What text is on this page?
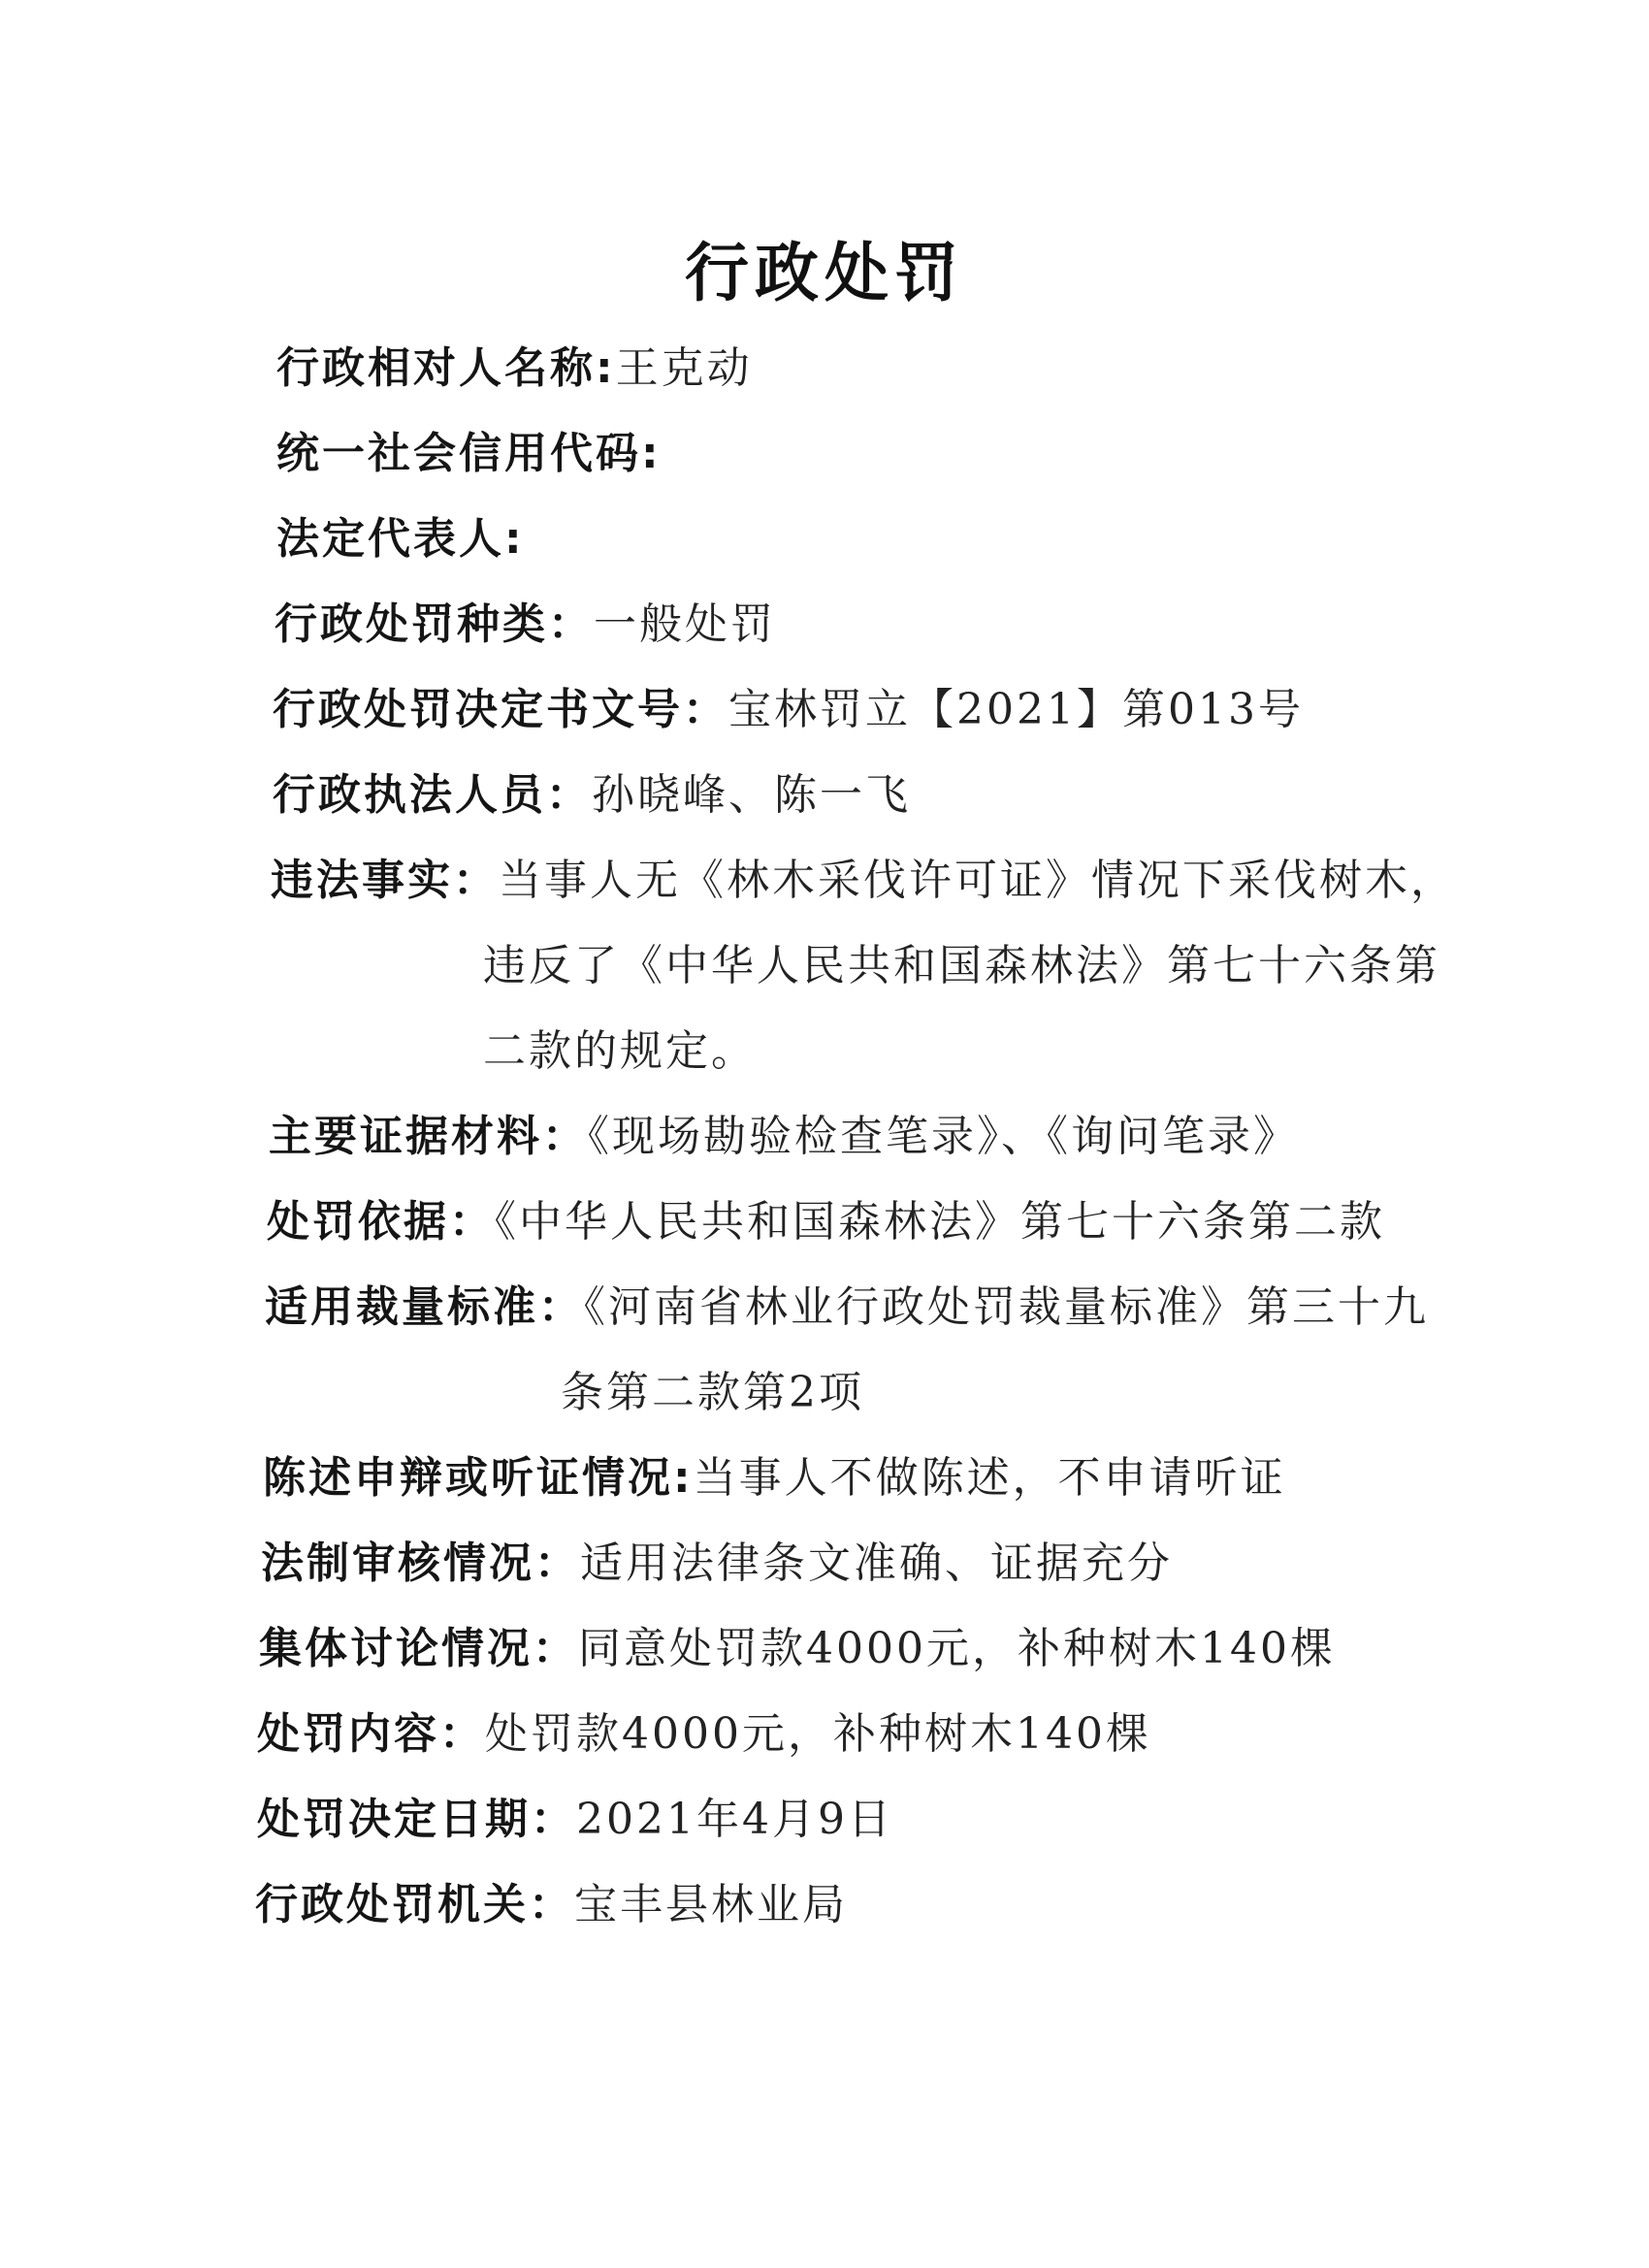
行政处罚
行政相对人名称:王克动
统一社会信用代码:
法定代表人:
行政处罚种类：一般处罚
行政处罚决定书文号：宝林罚立【2021】第013号
行政执法人员：孙晓峰、陈一飞
违法事实：当事人无《林木采伐许可证》情况下采伐树木，
违反了《中华人民共和国森林法》第七十六条第
二款的规定。
主要证据材料：《现场勘验检查笔录》、《询问笔录》
处罚依据：《中华人民共和国森林法》第七十六条第二款
适用裁量标准：《河南省林业行政处罚裁量标准》第三十九
条第二款第2项
陈述申辩或听证情况:当事人不做陈述，不申请听证
法制审核情况：适用法律条文准确、证据充分
集体讨论情况：同意处罚款4000元，补种树木140棵
处罚内容：处罚款4000元，补种树木140棵
处罚决定日期：2021年4月9日
行政处罚机关：宝丰县林业局
